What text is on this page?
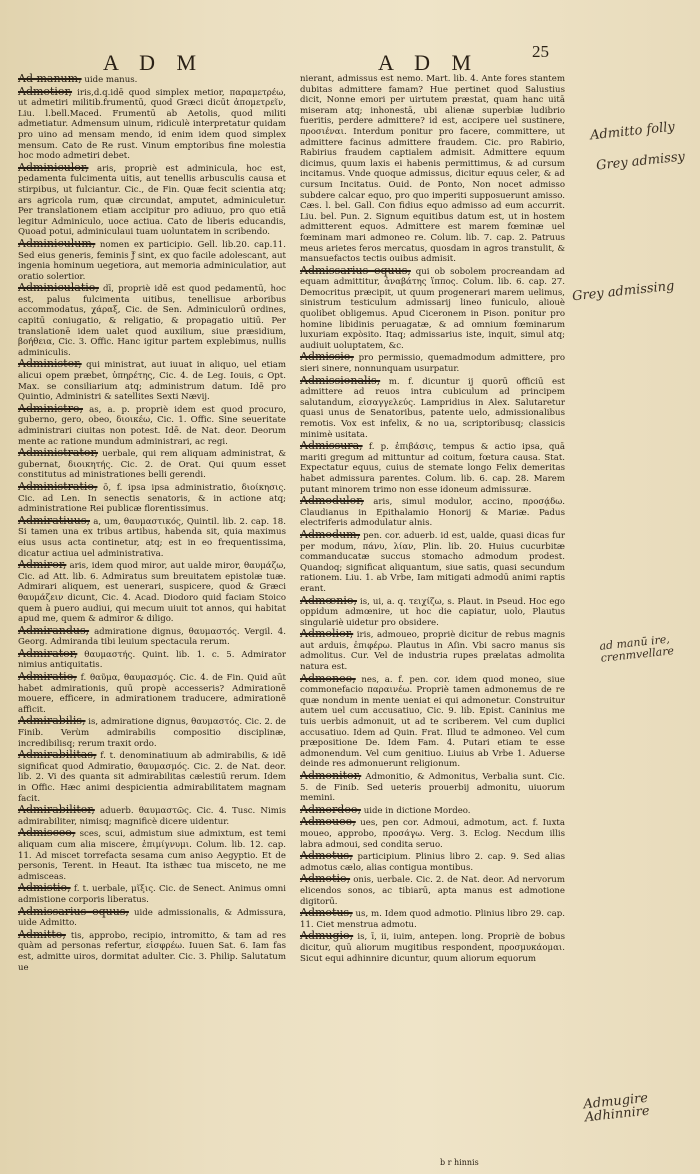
A D M	A D M	25

Ad manum, uide manus.

Admetior, iris,d.q.idē quod simplex metior, παραμετρέω, ut admetiri militib.frumentū, quod Græci dicūt ἀπομετρεῖν, Liu. l.bell.Maced. Frumentū ab Aetolis, quod militi admetiatur. Admensum uinum, ridiculè interpretatur quidam pro uino ad mensam mendo, id enim idem quod simplex mensum. Cato de Re rust. Vinum emptoribus fine molestia hoc modo admetiri debet.

Adminiculor, aris, propriè est adminicula, hoc est, pedamenta fulcimenta uitis, aut tenellis arbusculis causa et stirpibus, ut fulciantur. Cic., de Fin. Quæ fecit scientia atq; ars agricola rum, quæ circundat, amputet, adminiculetur. Per translationem etiam accipitur pro adiuuo, pro quo etiā legitur Adminiculo, uoce actiua. Cato de liberis educandis, Quoad potui, adminiculaui tuam uoluntatem in scribendo.

Adminiculum, nomen ex participio. Gell. lib.20. cap.11. Sed eius generis, feminis ƒ̄ sint, ex quo facile adolescant, aut ingenia hominum uegetiora, aut memoria adminiculatior, aut oratio solertior.

Adminiculatio, dī, propriè idē est quod pedamentū, hoc est, palus fulcimenta uitibus, tenellisue arboribus accommodatus, χάραξ, Cic. de Sen. Adminiculorū ordines, capitū coniugatio, & religatio, & propagatio uitiū. Per translationē idem ualet quod auxilium, siue præsidium, βοήθεια, Cic. 3. Offic. Hanc igitur partem explebimus, nullis adminiculis.

Administer, qui ministrat, aut iuuat in aliquo, uel etiam alicui opem præbet, ὑπηρέτης, Cic. 4. de Leg. Iouis, ɢ Opt. Max. se consiliarium atq; administrum datum. Idē pro Quintio, Administri & satellites Sexti Nævij.

Administro, as, a. p. propriè idem est quod procuro, guberno, gero, obeo, διοικέω, Cic. 1. Offic. Sine seueritate administrari ciuitas non potest. Idē. de Nat. deor. Deorum mente ac ratione mundum administrari, ac regi.

Administrator, uerbale, qui rem aliquam administrat, & gubernat, διοικητής. Cic. 2. de Orat. Qui quum esset constitutus ad ministrationes belli gerendi.

Administratio, ō, f. ipsa ipsa administratio, διοίκησις. Cic. ad Len. In senectis senatoris, & in actione atq; administratione Rei publicæ florentissimus.

Admiratiuus, a, um, θαυμαστικός, Quintil. lib. 2. cap. 18. Si tamen una ex tribus artibus, habenda sit, quia maximus eius usus acta continetur, atq; est in eo frequentissima, dicatur actiua uel administrativa.

Admiror, aris, idem quod miror, aut ualde miror, θαυμάζω, Cic. ad Att. lib. 6. Admiratus sum breuitatem epistolæ tuæ. Admirari aliquem, est uenerari, suspicere, quod & Græci θαυμάζειν dicunt, Cic. 4. Acad. Diodoro quid faciam Stoico quem à puero audiui, qui mecum uiuit tot annos, qui habitat apud me, quem & admiror & diligo.

Admirandus, admiratione dignus, θαυμαστός. Vergil. 4. Georg. Admiranda tibi leuium spectacula rerum.

Admirator, θαυμαστής. Quint. lib. 1. c. 5. Admirator nimius antiquitatis.

Admiratio, f. θαῦμα, θαυμασμός. Cic. 4. de Fin. Quid aūt habet admirationis, quū propè accesseris? Admirationē mouere, efficere, in admirationem traducere, admirationē afficit.

Admirabilis, is, admiratione dignus, θαυμαστός. Cic. 2. de Finib. Verùm admirabilis compositio disciplinæ, incredibilisq; rerum traxit ordo.

Admirabilitas, f. t. denominatiuum ab admirabilis, & idē significat quod Admiratio, θαυμασμός. Cic. 2. de Nat. deor. lib. 2. Vi des quanta sit admirabilitas cælestiū rerum. Idem in Offic. Hæc animi despicientia admirabilitatem magnam facit.

Admirabiliter, aduerb. θαυμαστῶς. Cic. 4. Tusc. Nimis admirabiliter, nimisq; magnificè dicere uidentur.

Admisceo, sces, scui, admistum siue admixtum, est temi aliquam cum alia miscere, ἐπιμίγνυμι. Colum. lib. 12. cap. 11. Ad miscet torrefacta sesama cum aniso Aegyptio. Et de personis, Terent. in Heaut. Ita isthæc tua misceto, ne me admisceas.

Admistio, f. t. uerbale, μῖξις. Cic. de Senect. Animus omni admistione corporis liberatus.

Admissarius equus, uide admissionalis, & Admissura, uide Admitto.

Admitto, tis, approbo, recipio, intromitto, & tam ad res quàm ad personas refertur, εἰσφρέω. Iuuen Sat. 6. Iam fas est, admitte uiros, dormitat adulter. Cic. 3. Philip. Salutatum ue

nierant, admissus est nemo. Mart. lib. 4. Ante fores stantem dubitas admittere famam? Hue pertinet quod Salustius dicit, Nonne emori per uirtutem præstat, quam hanc uitā miseram atq; inhonestā, ubi alienæ superbiæ ludibrio fueritis, perdere admittere? id est, accipere uel sustinere, προσιέναι. Interdum ponitur pro facere, committere, ut admittere facinus admittere fraudem. Cic. pro Rabirio, Rabirius fraudem captialem admisit. Admittere equum dicimus, quum laxis ei habenis permittimus, & ad cursum incitamus. Vnde quoque admissus, dicitur equus celer, & ad cursum Incitatus. Ouid. de Ponto, Non nocet admisso subdere calcar equo, pro quo imperiti supposuerunt amisso. Cæs. l. bel. Gall. Con fidius equo admisso ad eum accurrit. Liu. bel. Pun. 2. Signum equitibus datum est, ut in hostem admitterent equos. Admittere est marem fœminæ uel fœminam mari admoneo re. Colum. lib. 7. cap. 2. Patruus meus arietes feros mercatus, quosdam in agros transtulit, & mansuefactos tectis ouibus admisit.

Admissarius equus, qui ob sobolem procreandam ad equam admittitur, ἀναβάτης ἵππος. Colum. lib. 6. cap. 27. Democritus præcipit, ut quum progenerari marem uelimus, sinistrum testiculum admissarij lineo funiculo, aliouè quolibet obligemus. Apud Ciceronem in Pison. ponitur pro homine libidinis peruagatæ, & ad omnium fœminarum luxuriam expòsito. Itaq; admissarius iste, inquit, simul atq; audiuit uoluptatem, &c.

Admissio, pro permissio, quemadmodum admittere, pro sieri sinere, nonnunquam usurpatur.

Admissionalis, m. f. dicuntur ij quorū officiū est admittere ad reuos intra cubiculum ad principem salutandum, εἰσαγγελεύς. Lampridius in Alex. Salutaretur quasi unus de Senatoribus, patente uelo, admissionalibus remotis. Vox est infelix, & no ua, scriptoribusq; classicis minimè usitata.

Admissura, f. p. ἐπιβάσις, tempus & actio ipsa, quā mariti gregum ad mittuntur ad coitum, fœtura causa. Stat. Expectatur equus, cuius de stemate longo Felix demeritas habet admissura parentes. Colum. lib. 6. cap. 28. Marem putant minorem trimo non esse idoneum admissuræ.

Admodulor, aris, simul modulor, accino, προσᾴδω. Claudianus in Epithalamio Honorij & Mariæ. Padus electriferis admodulatur alnis.

Admodum, pen. cor. aduerb. id est, ualde, quasi dicas fur per modum, πάνυ, λίαν, Plin. lib. 20. Huius cucurbitæ commanducatæ succus stomacho admodum prodest. Quandoq; significat aliquantum, siue satis, quasi secundum rationem. Liu. 1. ab Vrbe, Iam mitigati admodū animi raptis erant.

Admœnio, is, ui, a. q. τειχίζω, s. Plaut. in Pseud. Hoc ego oppidum admœnire, ut hoc die capiatur, uolo, Plautus singulariè uidetur pro obsidere.

Admolior, iris, admoueo, propriè dicitur de rebus magnis aut arduis, ἐπιφέρω. Plautus in Aſin. Vbi sacro manus sis admolitus. Cur. Vel de industria rupes prælatas admolita natura est.

Admoneo, nes, a. f. pen. cor. idem quod moneo, siue commonefacio παραινέω. Propriè tamen admonemus de re quæ nondum in mente ueniat ei qui admonetur. Construitur autem uel cum accusatiuo, Cic. 9. lib. Epist. Caninius me tuis uerbis admonuit, ut ad te scriberem. Vel cum duplici accusatiuo. Idem ad Quin. Frat. Illud te admoneo. Vel cum præpositione De. Idem Fam. 4. Putari etiam te esse admonendum. Vel cum genitiuo. Liuius ab Vrbe 1. Aduerse deinde res admonuerunt religionum.

Admonitor, Admonitio, & Admonitus, Verbalia sunt. Cic. 5. de Finib. Sed ueteris prouerbij admonitu, uiuorum memini.

Admordeo, uide in dictione Mordeo.

Admoueo, ues, pen cor. Admoui, admotum, act. f. Iuxta moueo, approbo, προσάγω. Verg. 3. Eclog. Necdum illis labra admoui, sed condita seruo.

Admotus, participium. Plinius libro 2. cap. 9. Sed alias admotus cælo, alias contigua montibus.

Admotio, onis, uerbale. Cic. 2. de Nat. deor. Ad nervorum elicendos sonos, ac tibiarū, apta manus est admotione digitorū.

Admotus, us, m. Idem quod admotio. Plinius libro 29. cap. 11. Ciet menstrua admotu.

Admugio, is, ī, ii, iuim, antepen. long. Propriè de bobus dicitur, quū aliorum mugitibus respondent, προσμυκάομαι. Sicut equi adhinnire dicuntur, quum aliorum equorum

Admitto folly
Grey admissy
Grey admissing
ad manū ire,
crenmvellare
Admugire
Adhinnire
b r hinnis
